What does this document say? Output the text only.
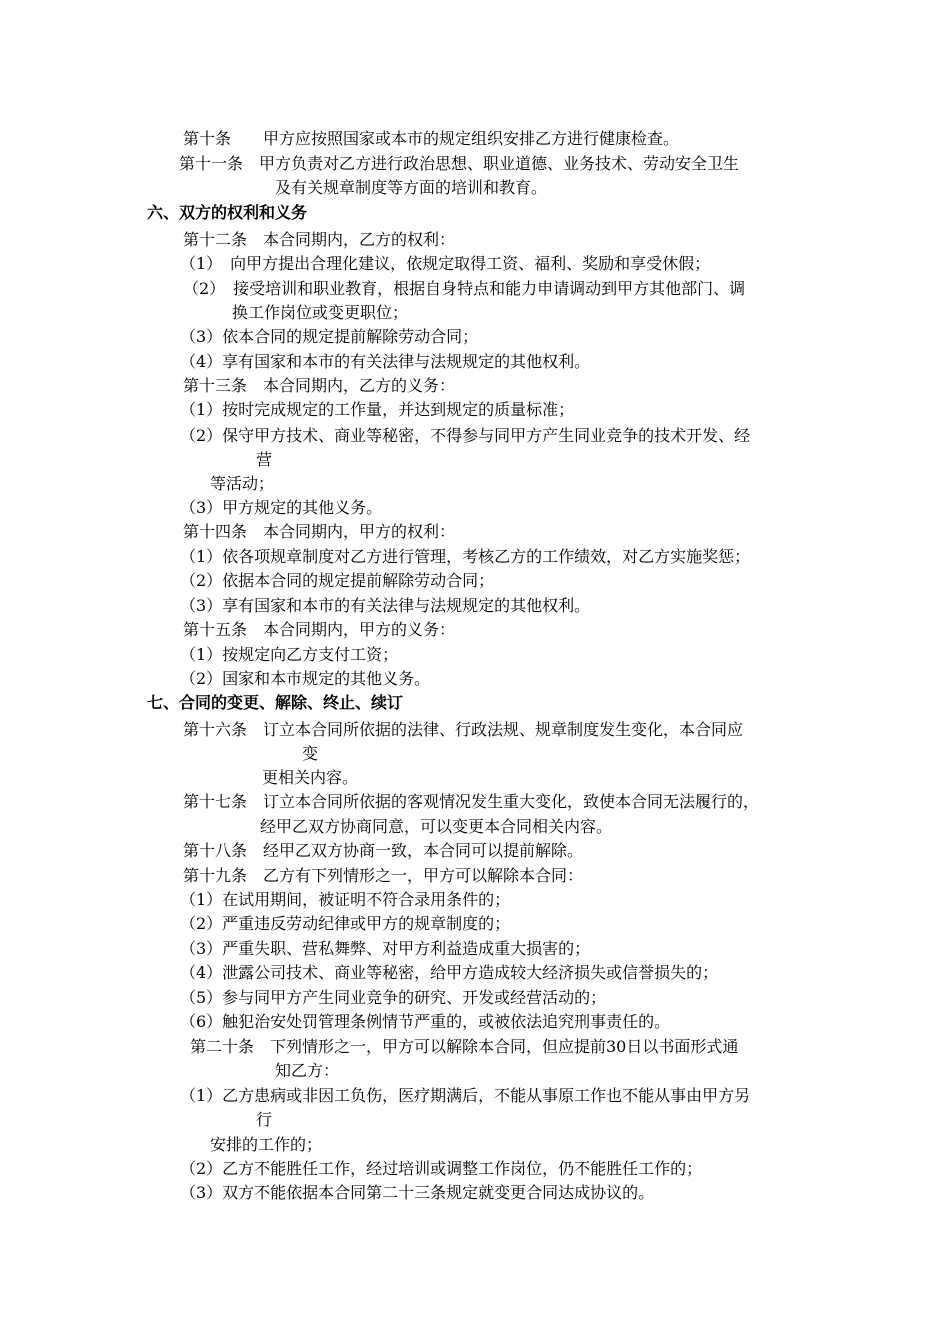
第十条　　甲方应按照国家或本市的规定组织安排乙方进行健康检查。
第十一条　甲方负责对乙方进行政治思想、职业道德、业务技术、劳动安全卫生
及有关规章制度等方面的培训和教育。
六、双方的权利和义务
第十二条　本合同期内，乙方的权利：
（1）　向甲方提出合理化建议，依规定取得工资、福利、奖励和享受休假；
（2）　接受培训和职业教育，根据自身特点和能力申请调动到甲方其他部门、调
换工作岗位或变更职位；
（3）依本合同的规定提前解除劳动合同；
（4）享有国家和本市的有关法律与法规规定的其他权利。
第十三条　本合同期内，乙方的义务：
（1）按时完成规定的工作量，并达到规定的质量标准；
（2）保守甲方技术、商业等秘密，不得参与同甲方产生同业竞争的技术开发、经
营
等活动；
（3）甲方规定的其他义务。
第十四条　本合同期内，甲方的权利：
（1）依各项规章制度对乙方进行管理，考核乙方的工作绩效，对乙方实施奖惩；
（2）依据本合同的规定提前解除劳动合同；
（3）享有国家和本市的有关法律与法规规定的其他权利。
第十五条　本合同期内，甲方的义务：
（1）按规定向乙方支付工资；
（2）国家和本市规定的其他义务。
七、合同的变更、解除、终止、续订
第十六条　订立本合同所依据的法律、行政法规、规章制度发生变化，本合同应
变
更相关内容。
第十七条　订立本合同所依据的客观情况发生重大变化，致使本合同无法履行的，
经甲乙双方协商同意，可以变更本合同相关内容。
第十八条　经甲乙双方协商一致，本合同可以提前解除。
第十九条　乙方有下列情形之一，甲方可以解除本合同：
（1）在试用期间，被证明不符合录用条件的；
（2）严重违反劳动纪律或甲方的规章制度的；
（3）严重失职、营私舞弊、对甲方利益造成重大损害的；
（4）泄露公司技术、商业等秘密，给甲方造成较大经济损失或信誉损失的；
（5）参与同甲方产生同业竞争的研究、开发或经营活动的；
（6）触犯治安处罚管理条例情节严重的，或被依法追究刑事责任的。
第二十条　下列情形之一，甲方可以解除本合同，但应提前30日以书面形式通
知乙方：
（1）乙方患病或非因工负伤，医疗期满后，不能从事原工作也不能从事由甲方另
行
安排的工作的；
（2）乙方不能胜任工作，经过培训或调整工作岗位，仍不能胜任工作的；
（3）双方不能依据本合同第二十三条规定就变更合同达成协议的。
